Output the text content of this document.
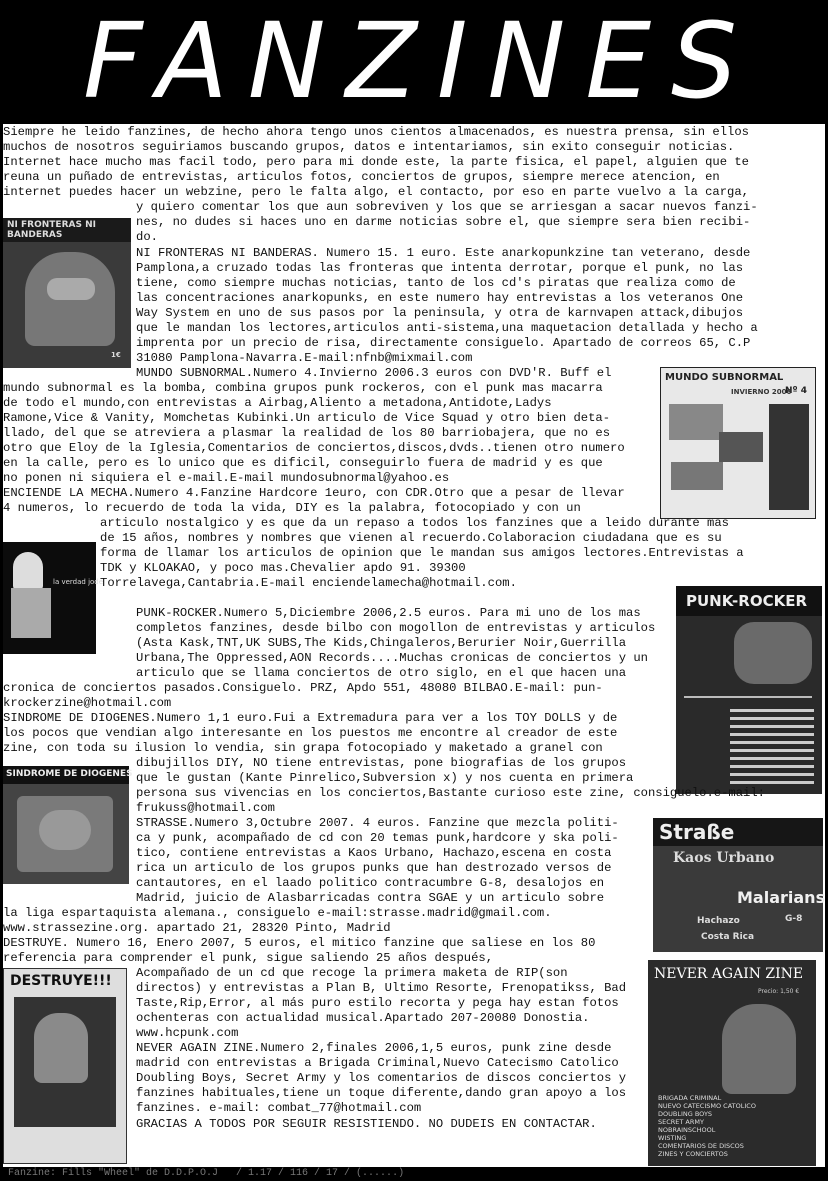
FANZINES
Siempre he leido fanzines, de hecho ahora tengo unos cientos almacenados, es nuestra prensa, sin ellos
muchos de nosotros seguiriamos buscando grupos, datos e intentariamos, sin exito conseguir noticias.
Internet hace mucho mas facil todo, pero para mi donde este, la parte fisica, el papel, alguien que te
reuna un puñado de entrevistas, articulos fotos, conciertos de grupos, siempre merece atencion, en
internet puedes hacer un webzine, pero le falta algo, el contacto, por eso en parte vuelvo a la carga,
y quiero comentar los que aun sobreviven y los que se arriesgan a sacar nuevos fanzi-
nes, no dudes si haces uno en darme noticias sobre el, que siempre sera bien recibi-
do.
NI FRONTERAS NI BANDERAS
1€
NI FRONTERAS NI BANDERAS. Numero 15. 1 euro. Este anarkopunkzine tan veterano, desde
Pamplona,a cruzado todas las fronteras que intenta derrotar, porque el punk, no las
tiene, como siempre muchas noticias, tanto de los cd's piratas que realiza como de
las concentraciones anarkopunks, en este numero hay entrevistas a los veteranos One
Way System en uno de sus pasos por la peninsula, y otra de karnvapen attack,dibujos
que le mandan los lectores,articulos anti-sistema,una maquetacion detallada y hecho a
imprenta por un precio de risa, directamente consiguelo. Apartado de correos 65, C.P
31080 Pamplona-Navarra.E-mail:nfnb@mixmail.com
MUNDO SUBNORMAL
Nº 4
INVIERNO 2006
MUNDO SUBNORMAL.Numero 4.Invierno 2006.3 euros con DVD'R. Buff el
mundo subnormal es la bomba, combina grupos punk rockeros, con el punk mas macarra
de todo el mundo,con entrevistas a Airbag,Aliento a metadona,Antidote,Ladys
Ramone,Vice & Vanity, Momchetas Kubinki.Un articulo de Vice Squad y otro bien deta-
llado, del que se atreviera a plasmar la realidad de los 80 barriobajera, que no es
otro que Eloy de la Iglesia,Comentarios de conciertos,discos,dvds..tienen otro numero
en la calle, pero es lo unico que es dificil, conseguirlo fuera de madrid y es que
no ponen ni siquiera el e-mail.E-mail mundosubnormal@yahoo.es
ENCIENDE LA MECHA.Numero 4.Fanzine Hardcore 1euro, con CDR.Otro que a pesar de llevar
4 numeros, lo recuerdo de toda la vida, DIY es la palabra, fotocopiado y con un
articulo nostalgico y es que da un repaso a todos los fanzines que a leido durante mas
de 15 años, nombres y nombres que vienen al recuerdo.Colaboracion ciudadana que es su
forma de llamar los articulos de opinion que le mandan sus amigos lectores.Entrevistas a
TDK y KLOAKAO, y poco mas.Chevalier apdo 91. 39300
Torrelavega,Cantabria.E-mail enciendelamecha@hotmail.com.
la verdad jode
PUNK-ROCKER
PUNK-ROCKER.Numero 5,Diciembre 2006,2.5 euros. Para mi uno de los mas
completos fanzines, desde bilbo con mogollon de entrevistas y articulos
(Asta Kask,TNT,UK SUBS,The Kids,Chingaleros,Berurier Noir,Guerrilla
Urbana,The Oppressed,AON Records....Muchas cronicas de conciertos y un
articulo que se llama conciertos de otro siglo, en el que hacen una
cronica de conciertos pasados.Consiguelo. PRZ, Apdo 551, 48080 BILBAO.E-mail: pun-
krockerzine@hotmail.com
SINDROME DE DIOGENES.Numero 1,1 euro.Fui a Extremadura para ver a los TOY DOLLS y de
los pocos que vendian algo interesante en los puestos me encontre al creador de este
zine, con toda su ilusion lo vendia, sin grapa fotocopiado y maketado a granel con
dibujillos DIY, NO tiene entrevistas, pone biografias de los grupos
que le gustan (Kante Pinrelico,Subversion x) y nos cuenta en primera
persona sus vivencias en los conciertos,Bastante curioso este zine, consiguelo.e-mail:
frukuss@hotmail.com
SINDROME DE DIOGENES
STRASSE.Numero 3,Octubre 2007. 4 euros. Fanzine que mezcla politi-
ca y punk, acompañado de cd con 20 temas punk,hardcore y ska poli-
tico, contiene entrevistas a Kaos Urbano, Hachazo,escena en costa
rica un articulo de los grupos punks que han destrozado versos de
cantautores, en el laado politico contracumbre G-8, desalojos en
Madrid, juicio de Alasbarricadas contra SGAE y un articulo sobre
la liga espartaquista alemana., consiguelo e-mail:strasse.madrid@gmail.com.
www.strassezine.org. apartado 21, 28320 Pinto, Madrid
Straße
Kaos Urbano
Malarians
Hachazo	G-8
Costa Rica
DESTRUYE. Numero 16, Enero 2007, 5 euros, el mitico fanzine que saliese en los 80
referencia para comprender el punk, sigue saliendo 25 años después,
Acompañado de un cd que recoge la primera maketa de RIP(son
directos) y entrevistas a Plan B, Ultimo Resorte, Frenopatikss, Bad
Taste,Rip,Error, al más puro estilo recorta y pega hay estan fotos
ochenteras con actualidad musical.Apartado 207-20080 Donostia.
www.hcpunk.com
DESTRUYE!!!
NEVER AGAIN ZINE.Numero 2,finales 2006,1,5 euros, punk zine desde
madrid con entrevistas a Brigada Criminal,Nuevo Catecismo Catolico
Doubling Boys, Secret Army y los comentarios de discos conciertos y
fanzines habituales,tiene un toque diferente,dando gran apoyo a los
fanzines. e-mail: combat_77@hotmail.com
GRACIAS A TODOS POR SEGUIR RESISTIENDO. NO DUDEIS EN CONTACTAR.
NEVER AGAIN ZINE
Precio: 1,50 €
BRIGADA CRIMINAL
NUEVO CATECISMO CATOLICO
DOUBLING BOYS
SECRET ARMY
NOBRAINSCHOOL
WISTING
COMENTARIOS DE DISCOS
ZINES Y CONCIERTOS
Fanzine: Fills "Wheel" de D.D.P.O.J   / 1.17 / 116 / 17 / (......)
